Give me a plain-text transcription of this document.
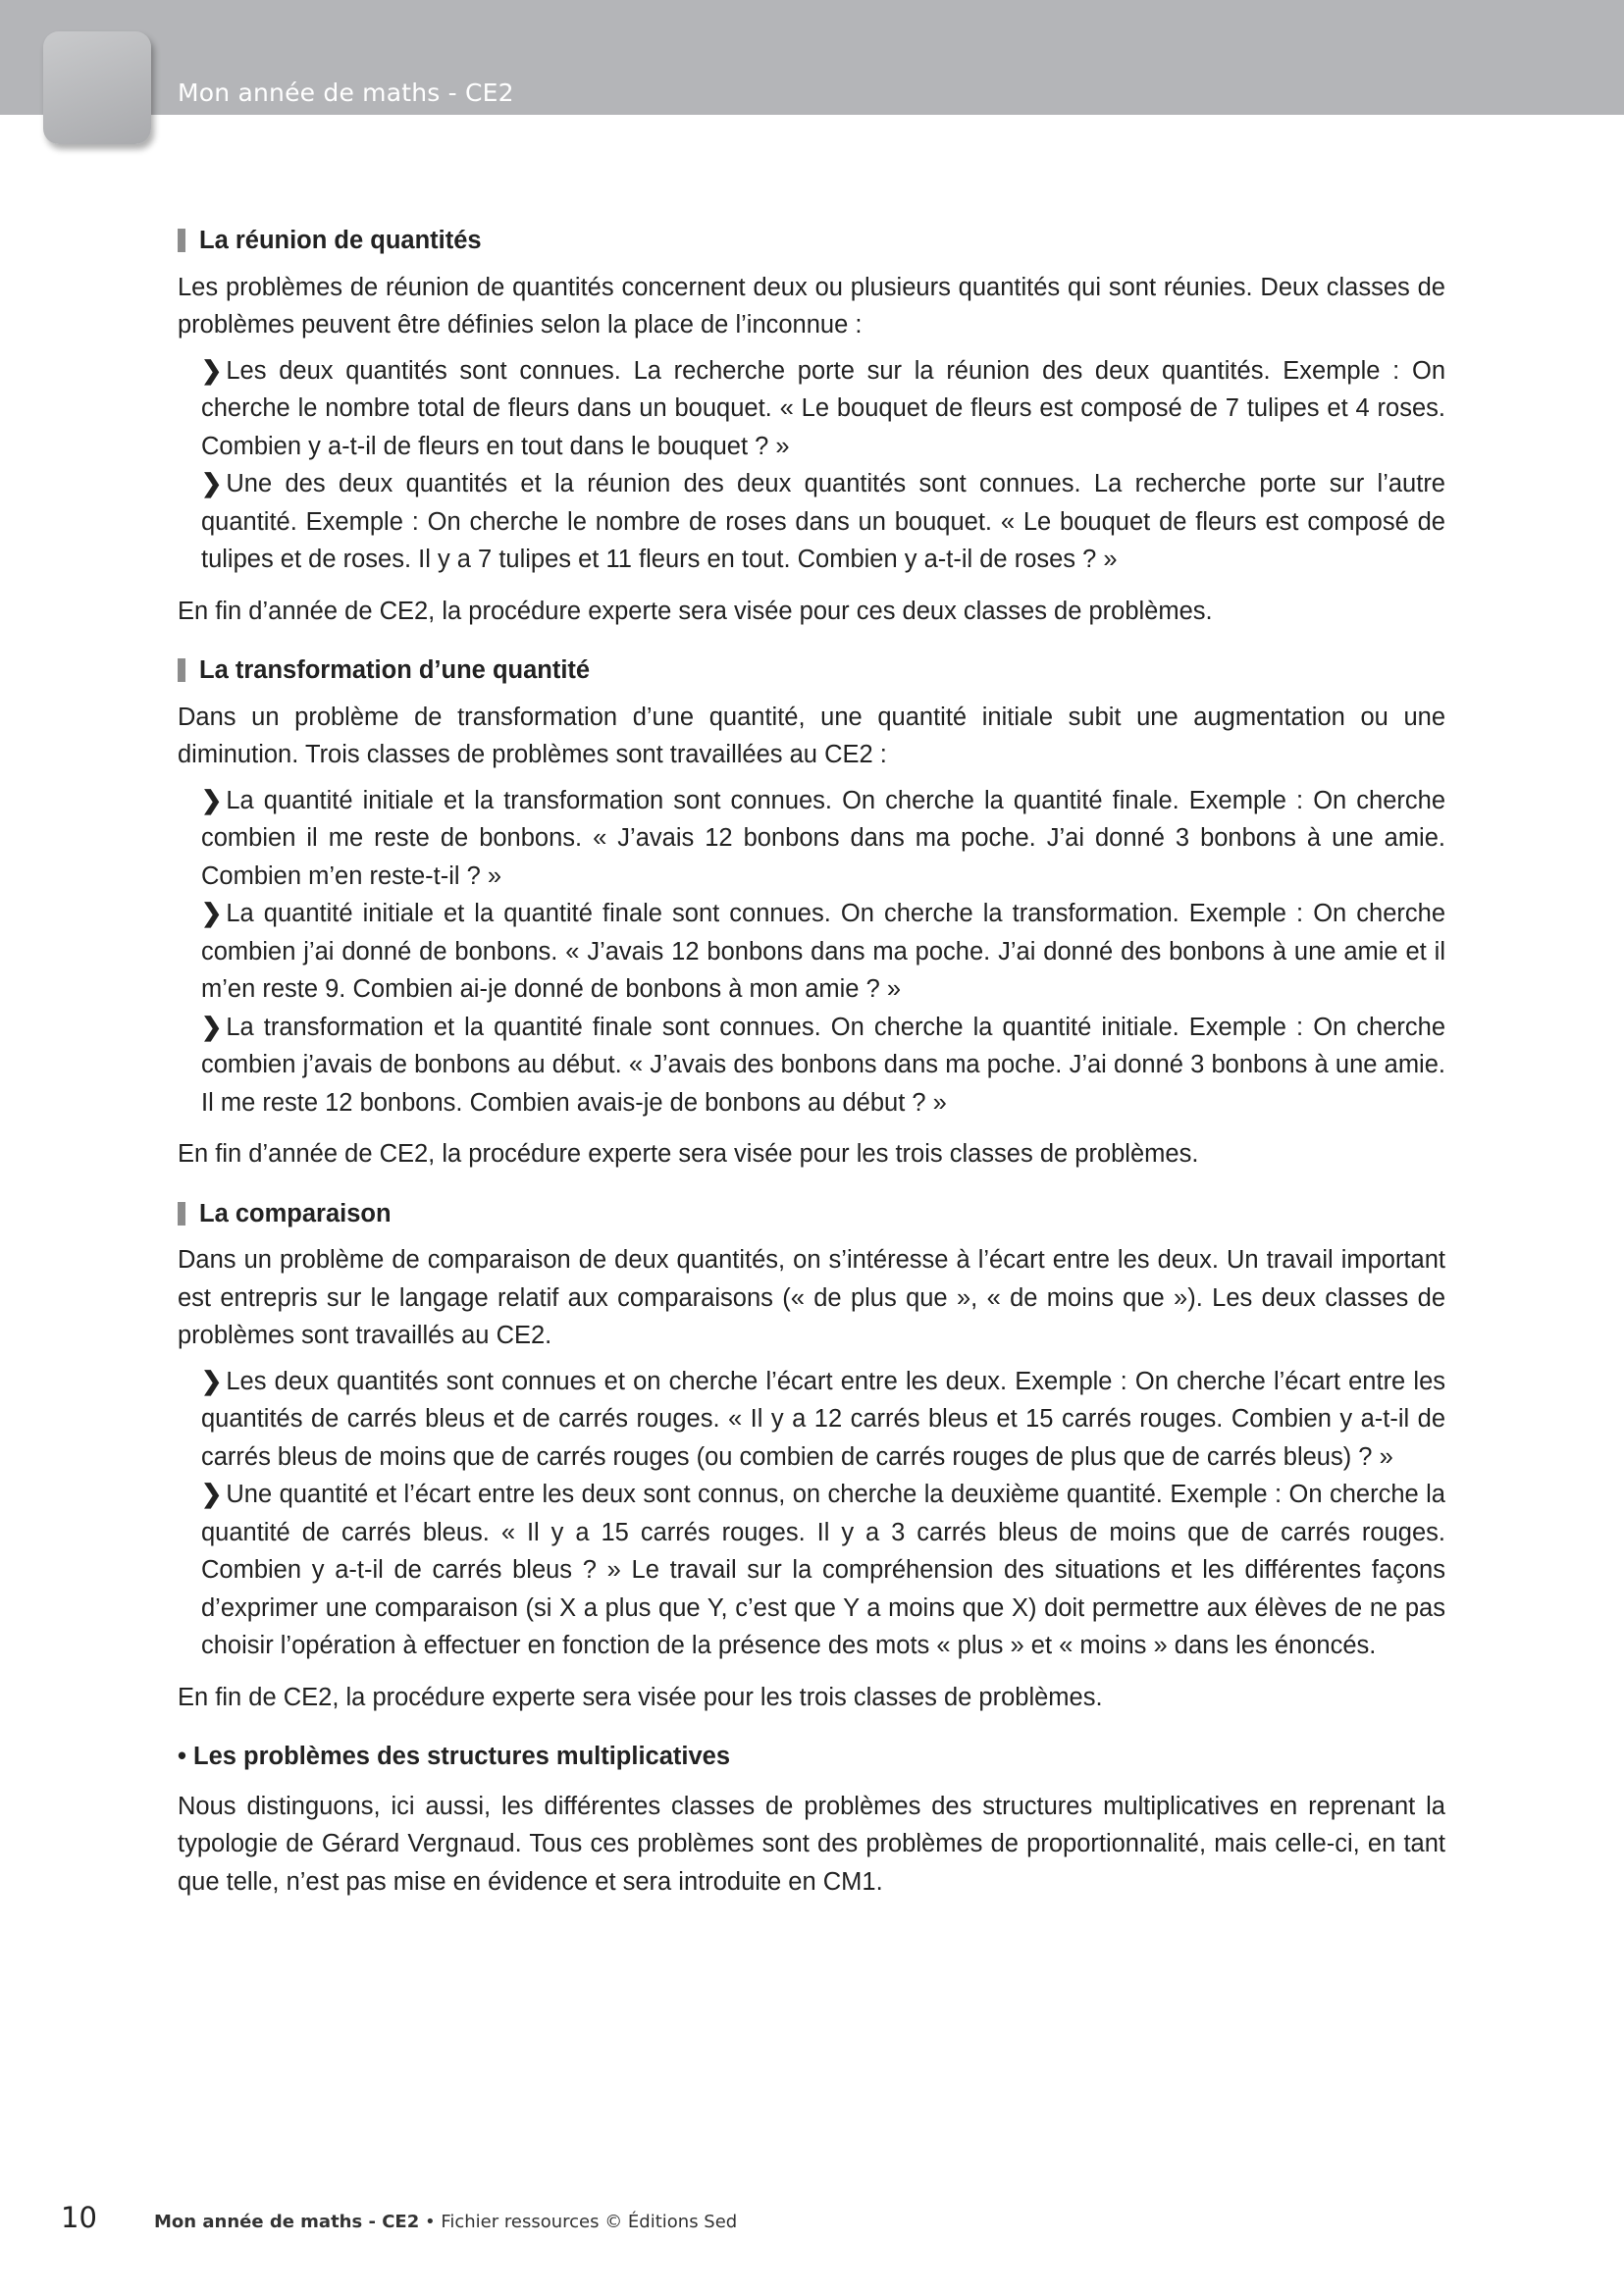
Mon année de maths - CE2
La réunion de quantités

Les problèmes de réunion de quantités concernent deux ou plusieurs quantités qui sont réunies. Deux classes de problèmes peuvent être définies selon la place de l’inconnue :

❯ Les deux quantités sont connues. La recherche porte sur la réunion des deux quantités. Exemple : On cherche le nombre total de fleurs dans un bouquet. « Le bouquet de fleurs est composé de 7 tulipes et 4 roses. Combien y a-t-il de fleurs en tout dans le bouquet ? »

❯ Une des deux quantités et la réunion des deux quantités sont connues. La recherche porte sur l’autre quantité. Exemple : On cherche le nombre de roses dans un bouquet. « Le bouquet de fleurs est composé de tulipes et de roses. Il y a 7 tulipes et 11 fleurs en tout. Combien y a-t-il de roses ? »

En fin d’année de CE2, la procédure experte sera visée pour ces deux classes de problèmes.

La transformation d’une quantité

Dans un problème de transformation d’une quantité, une quantité initiale subit une augmentation ou une diminution. Trois classes de problèmes sont travaillées au CE2 :

❯ La quantité initiale et la transformation sont connues. On cherche la quantité finale. Exemple : On cherche combien il me reste de bonbons. « J’avais 12 bonbons dans ma poche. J’ai donné 3 bonbons à une amie. Combien m’en reste-t-il ? »

❯ La quantité initiale et la quantité finale sont connues. On cherche la transformation. Exemple : On cherche combien j’ai donné de bonbons. « J’avais 12 bonbons dans ma poche. J’ai donné des bonbons à une amie et il m’en reste 9. Combien ai-je donné de bonbons à mon amie ? »

❯ La transformation et la quantité finale sont connues. On cherche la quantité initiale. Exemple : On cherche combien j’avais de bonbons au début. « J’avais des bonbons dans ma poche. J’ai donné 3 bonbons à une amie. Il me reste 12 bonbons. Combien avais-je de bonbons au début ? »

En fin d’année de CE2, la procédure experte sera visée pour les trois classes de problèmes.

La comparaison

Dans un problème de comparaison de deux quantités, on s’intéresse à l’écart entre les deux. Un travail important est entrepris sur le langage relatif aux comparaisons (« de plus que », « de moins que »). Les deux classes de problèmes sont travaillés au CE2.

❯ Les deux quantités sont connues et on cherche l’écart entre les deux. Exemple : On cherche l’écart entre les quantités de carrés bleus et de carrés rouges. « Il y a 12 carrés bleus et 15 carrés rouges. Combien y a-t-il de carrés bleus de moins que de carrés rouges (ou combien de carrés rouges de plus que de carrés bleus) ? »

❯ Une quantité et l’écart entre les deux sont connus, on cherche la deuxième quantité. Exemple : On cherche la quantité de carrés bleus. « Il y a 15 carrés rouges. Il y a 3 carrés bleus de moins que de carrés rouges. Combien y a-t-il de carrés bleus ? » Le travail sur la compréhension des situations et les différentes façons d’exprimer une comparaison (si X a plus que Y, c’est que Y a moins que X) doit permettre aux élèves de ne pas choisir l’opération à effectuer en fonction de la présence des mots « plus » et « moins » dans les énoncés.

En fin de CE2, la procédure experte sera visée pour les trois classes de problèmes.

• Les problèmes des structures multiplicatives

Nous distinguons, ici aussi, les différentes classes de problèmes des structures multiplicatives en reprenant la typologie de Gérard Vergnaud. Tous ces problèmes sont des problèmes de proportionnalité, mais celle-ci, en tant que telle, n’est pas mise en évidence et sera introduite en CM1.

10	Mon année de maths - CE2 • Fichier ressources © Éditions Sed
